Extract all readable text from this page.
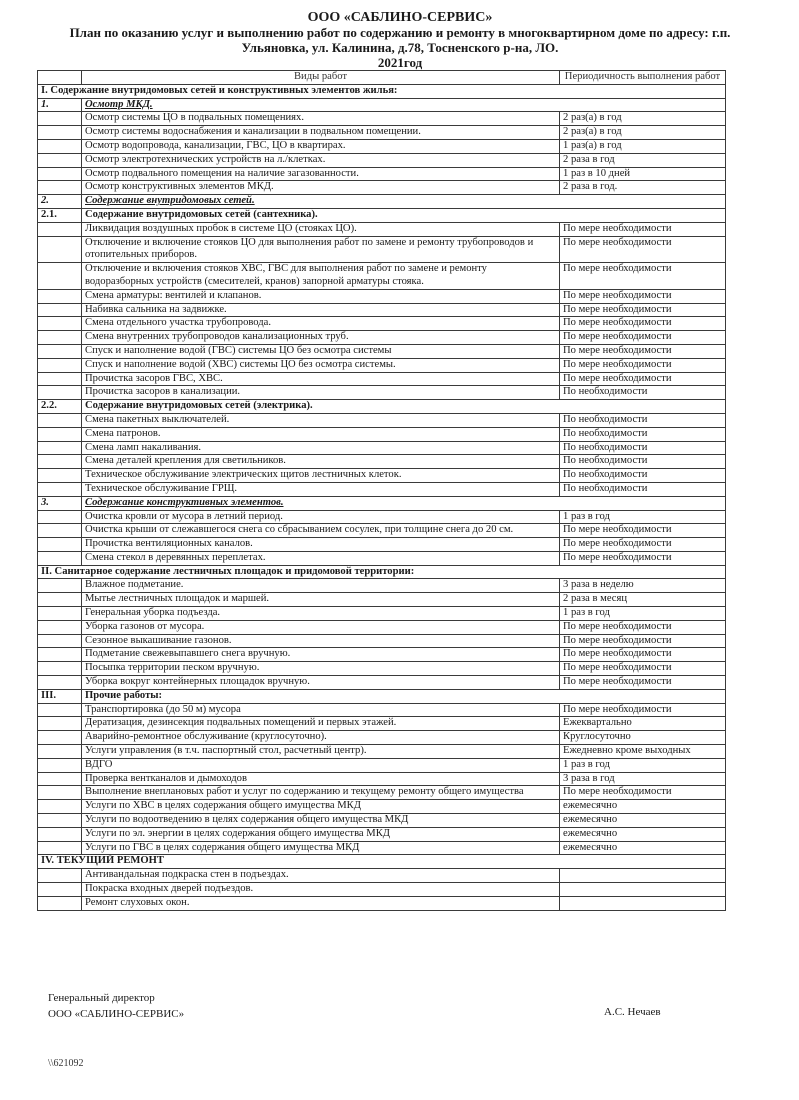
ООО «САБЛИНО-СЕРВИС»
План по оказанию услуг и выполнению работ по содержанию и ремонту в многоквартирном доме по адресу: г.п.
Ульяновка, ул. Калинина, д.78, Тосненского р-на, ЛО.
2021год
	Виды работ	Периодичность выполнения работ
I. Содержание внутридомовых сетей и конструктивных элементов жилья:		
1.	Осмотр МКД.	
	Осмотр системы ЦО в подвальных помещениях.	2 раз(а) в год
	Осмотр системы водоснабжения и канализации в подвальном помещении.	2 раз(а) в год
	Осмотр водопровода, канализации, ГВС, ЦО в квартирах.	1 раз(а) в год
	Осмотр электротехнических устройств на л./клетках.	2 раза в год
	Осмотр подвального помещения на наличие загазованности.	1 раз в 10 дней
	Осмотр конструктивных элементов МКД.	2 раза в год.
2.	Содержание внутридомовых сетей.	
2.1.	Содержание внутридомовых сетей (сантехника).	
	Ликвидация воздушных пробок в системе ЦО (стояках ЦО).	По мере необходимости
	Отключение и включение стояков ЦО для выполнения работ по замене и ремонту трубопроводов и отопительных приборов.	По мере необходимости
	Отключение и включения стояков ХВС, ГВС для выполнения работ по замене и ремонту водоразборных устройств (смесителей, кранов) запорной арматуры стояка.	По мере необходимости
	Смена арматуры: вентилей и клапанов.	По мере необходимости
	Набивка сальника на задвижке.	По мере необходимости
	Смена отдельного участка трубопровода.	По мере необходимости
	Смена внутренних трубопроводов канализационных труб.	По мере необходимости
	Спуск и наполнение водой (ГВС) системы ЦО без осмотра системы	По мере необходимости
	Спуск и наполнение водой (ХВС) системы ЦО без осмотра системы.	По мере необходимости
	Прочистка засоров ГВС, ХВС.	По мере необходимости
	Прочистка засоров в канализации.	По необходимости
2.2.	Содержание внутридомовых сетей (электрика).	
	Смена пакетных выключателей.	По необходимости
	Смена патронов.	По необходимости
	Смена ламп накаливания.	По необходимости
	Смена деталей крепления для светильников.	По необходимости
	Техническое обслуживание электрических щитов лестничных клеток.	По необходимости
	Техническое обслуживание ГРЩ.	По необходимости
3.	Содержание конструктивных элементов.	
	Очистка кровли от мусора в летний период.	1 раз в год
	Очистка крыши от слежавшегося снега со сбрасыванием сосулек, при толщине снега до 20 см.	По мере необходимости
	Прочистка вентиляционных каналов.	По мере необходимости
	Смена стекол в деревянных переплетах.	По мере необходимости
II. Санитарное содержание лестничных площадок и придомовой территории:		
	Влажное подметание.	3 раза в неделю
	Мытье лестничных площадок и маршей.	2 раза в месяц
	Генеральная уборка подъезда.	1 раз в год
	Уборка газонов от мусора.	По мере необходимости
	Сезонное выкашивание газонов.	По мере необходимости
	Подметание свежевыпавшего снега вручную.	По мере необходимости
	Посыпка территории песком вручную.	По мере необходимости
	Уборка вокруг контейнерных площадок вручную.	По мере необходимости
III.	Прочие работы:	
	Транспортировка (до 50 м) мусора	По мере необходимости
	Дератизация, дезинсекция подвальных помещений и первых этажей.	Ежеквартально
	Аварийно-ремонтное обслуживание (круглосуточно).	Круглосуточно
	Услуги управления (в т.ч. паспортный стол, расчетный центр).	Ежедневно кроме выходных
	ВДГО	1 раз в год
	Проверка вентканалов и дымоходов	3 раза в год
	Выполнение внеплановых работ и услуг по содержанию и текущему ремонту общего имущества	По мере необходимости
	Услуги по ХВС в целях содержания общего имущества МКД	ежемесячно
	Услуги по водоотведению в целях содержания общего имущества МКД	ежемесячно
	Услуги по эл. энергии в целях содержания общего имущества МКД	ежемесячно
	Услуги по ГВС в целях содержания общего имущества МКД	ежемесячно
IV. ТЕКУЩИЙ РЕМОНТ		
	Антивандальная подкраска стен в подъездах.	
	Покраска входных дверей подъездов.	
	Ремонт слуховых окон.	
Генеральный директор
ООО «САБЛИНО-СЕРВИС»	А.С. Нечаев
\\621092
